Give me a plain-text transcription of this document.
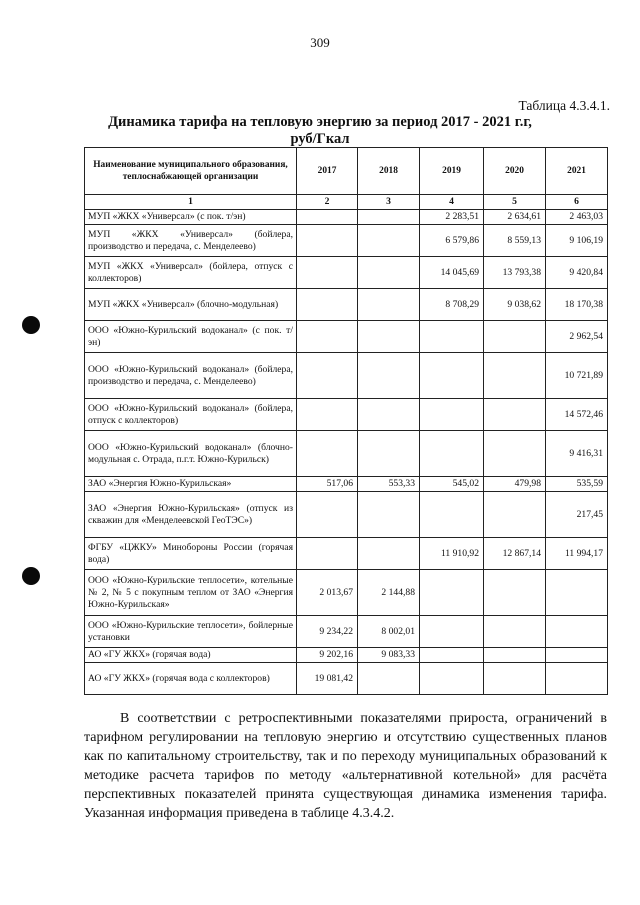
309
Таблица 4.3.4.1.
Динамика тарифа на тепловую энергию за период 2017 - 2021 г.г, руб/Гкал
Наименование муниципального образования, теплоснабжающей организации	2017	2018	2019	2020	2021
1	2	3	4	5	6
МУП «ЖКХ «Универсал» (с пок. т/эн)			2 283,51	2 634,61	2 463,03
МУП «ЖКХ «Универсал» (бойлера, производство и передача, с. Менделеево)			6 579,86	8 559,13	9 106,19
МУП «ЖКХ «Универсал» (бойлера, отпуск с коллекторов)			14 045,69	13 793,38	9 420,84
МУП «ЖКХ «Универсал» (блочно-модульная)			8 708,29	9 038,62	18 170,38
ООО «Южно-Курильский водоканал» (с пок. т/эн)					2 962,54
ООО «Южно-Курильский водоканал» (бойлера, производство и передача, с. Менделеево)					10 721,89
ООО «Южно-Курильский водоканал» (бойлера, отпуск с коллекторов)					14 572,46
ООО «Южно-Курильский водоканал» (блочно-модульная с. Отрада, п.г.т. Южно-Курильск)					9 416,31
ЗАО «Энергия Южно-Курильская»	517,06	553,33	545,02	479,98	535,59
ЗАО «Энергия Южно-Курильская» (отпуск из скважин для «Менделеевской ГеоТЭС»)					217,45
ФГБУ «ЦЖКУ» Минобороны России (горячая вода)			11 910,92	12 867,14	11 994,17
ООО «Южно-Курильские теплосети», котельные № 2, № 5 с покупным теплом от ЗАО «Энергия Южно-Курильская»	2 013,67	2 144,88			
ООО «Южно-Курильские теплосети», бойлерные установки	9 234,22	8 002,01			
АО «ГУ ЖКХ» (горячая вода)	9 202,16	9 083,33			
АО «ГУ ЖКХ» (горячая вода с коллекторов)	19 081,42				
В соответствии с ретроспективными показателями прироста, ограничений в тарифном регулировании на тепловую энергию и отсутствию существенных планов как по капитальному строительству, так и по переходу муниципальных образований к методике расчета тарифов по методу «альтернативной котельной» для расчёта перспективных показателей принята существующая динамика изменения тарифа. Указанная информация приведена в таблице 4.3.4.2.
